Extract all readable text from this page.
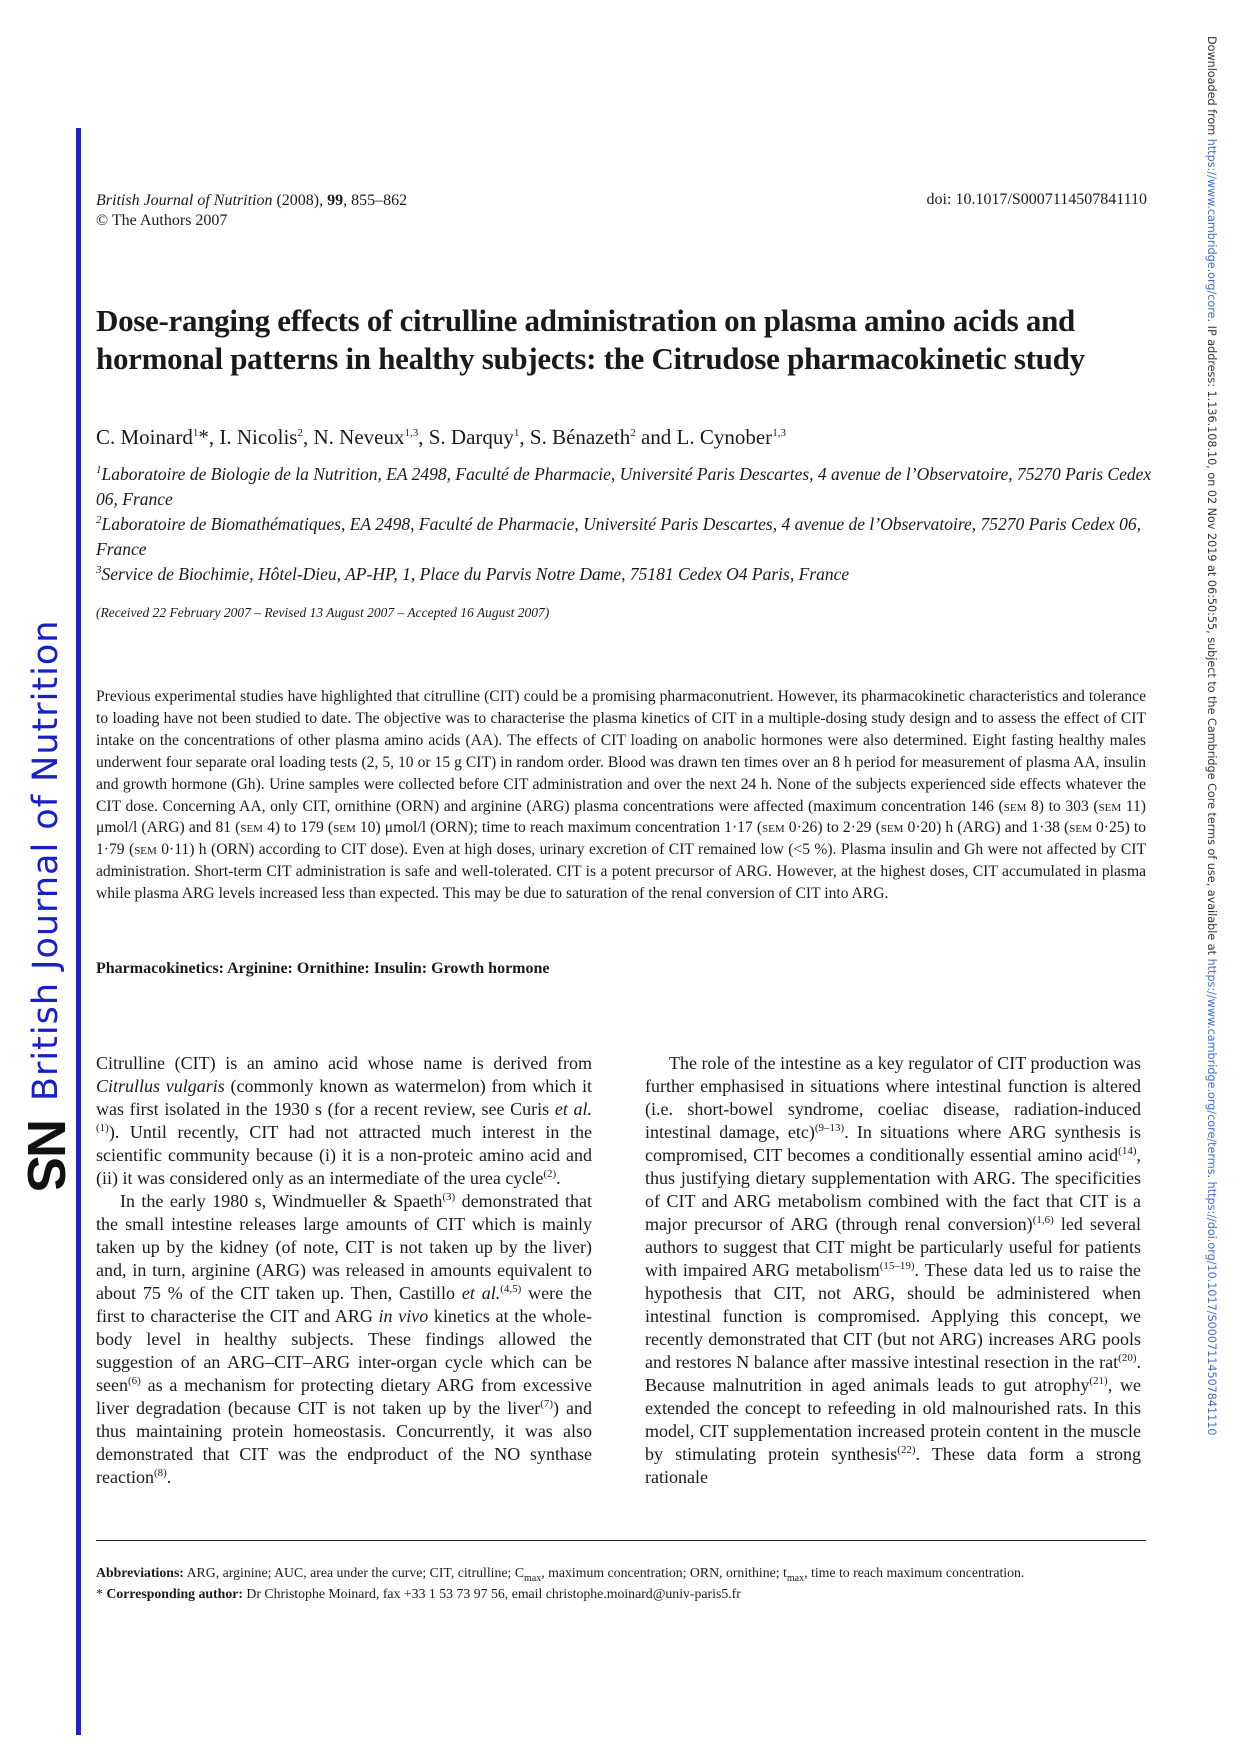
NS
British Journal of Nutrition
Downloaded from https://www.cambridge.org/core. IP address: 1.136.108.10, on 02 Nov 2019 at 06:50:55, subject to the Cambridge Core terms of use, available at https://www.cambridge.org/core/terms. https://doi.org/10.1017/S0007114507841110
British Journal of Nutrition (2008), 99, 855–862
© The Authors 2007
doi: 10.1017/S0007114507841110
Dose-ranging effects of citrulline administration on plasma amino acids and hormonal patterns in healthy subjects: the Citrudose pharmacokinetic study
C. Moinard$^1$*, I. Nicolis$^2$, N. Neveux$^{1,3}$, S. Darquy$^1$, S. Bénazeth$^2$ and L. Cynober$^{1,3}$

$^1$Laboratoire de Biologie de la Nutrition, EA 2498, Faculté de Pharmacie, Université Paris Descartes, 4 avenue de l’Observatoire, 75270 Paris Cedex 06, France

$^2$Laboratoire de Biomathématiques, EA 2498, Faculté de Pharmacie, Université Paris Descartes, 4 avenue de l’Observatoire, 75270 Paris Cedex 06, France

$^3$Service de Biochimie, Hôtel-Dieu, AP-HP, 1, Place du Parvis Notre Dame, 75181 Cedex O4 Paris, France

(Received 22 February 2007 – Revised 13 August 2007 – Accepted 16 August 2007)
Previous experimental studies have highlighted that citrulline (CIT) could be a promising pharmaconutrient. However, its pharmacokinetic characteristics and tolerance to loading have not been studied to date. The objective was to characterise the plasma kinetics of CIT in a multiple-dosing study design and to assess the effect of CIT intake on the concentrations of other plasma amino acids (AA). The effects of CIT loading on anabolic hormones were also determined. Eight fasting healthy males underwent four separate oral loading tests (2, 5, 10 or 15 g CIT) in random order. Blood was drawn ten times over an 8 h period for measurement of plasma AA, insulin and growth hormone (Gh). Urine samples were collected before CIT administration and over the next 24 h. None of the subjects experienced side effects whatever the CIT dose. Concerning AA, only CIT, ornithine (ORN) and arginine (ARG) plasma concentrations were affected (maximum concentration 146 (sem 8) to 303 (sem 11) μmol/l (ARG) and 81 (sem 4) to 179 (sem 10) μmol/l (ORN); time to reach maximum concentration 1·17 (sem 0·26) to 2·29 (sem 0·20) h (ARG) and 1·38 (sem 0·25) to 1·79 (sem 0·11) h (ORN) according to CIT dose). Even at high doses, urinary excretion of CIT remained low (<5 %). Plasma insulin and Gh were not affected by CIT administration. Short-term CIT administration is safe and well-tolerated. CIT is a potent precursor of ARG. However, at the highest doses, CIT accumulated in plasma while plasma ARG levels increased less than expected. This may be due to saturation of the renal conversion of CIT into ARG.
Pharmacokinetics: Arginine: Ornithine: Insulin: Growth hormone

Citrulline (CIT) is an amino acid whose name is derived from Citrullus vulgaris (commonly known as watermelon) from which it was first isolated in the 1930 s (for a recent review, see Curis et al.$^{(1)}$). Until recently, CIT had not attracted much interest in the scientific community because (i) it is a non-proteic amino acid and (ii) it was considered only as an intermediate of the urea cycle$^{(2)}$.

In the early 1980 s, Windmueller & Spaeth$^{(3)}$ demonstrated that the small intestine releases large amounts of CIT which is mainly taken up by the kidney (of note, CIT is not taken up by the liver) and, in turn, arginine (ARG) was released in amounts equivalent to about 75 % of the CIT taken up. Then, Castillo et al.$^{(4,5)}$ were the first to characterise the CIT and ARG in vivo kinetics at the whole-body level in healthy subjects. These findings allowed the suggestion of an ARG–CIT–ARG inter-organ cycle which can be seen$^{(6)}$ as a mechanism for protecting dietary ARG from excessive liver degradation (because CIT is not taken up by the liver$^{(7)}$) and thus maintaining protein homeostasis. Concurrently, it was also demonstrated that CIT was the endproduct of the NO synthase reaction$^{(8)}$.

The role of the intestine as a key regulator of CIT production was further emphasised in situations where intestinal function is altered (i.e. short-bowel syndrome, coeliac disease, radiation-induced intestinal damage, etc)$^{(9-13)}$. In situations where ARG synthesis is compromised, CIT becomes a conditionally essential amino acid$^{(14)}$, thus justifying dietary supplementation with ARG. The specificities of CIT and ARG metabolism combined with the fact that CIT is a major precursor of ARG (through renal conversion)$^{(1,6)}$ led several authors to suggest that CIT might be particularly useful for patients with impaired ARG metabolism$^{(15-19)}$. These data led us to raise the hypothesis that CIT, not ARG, should be administered when intestinal function is compromised. Applying this concept, we recently demonstrated that CIT (but not ARG) increases ARG pools and restores N balance after massive intestinal resection in the rat$^{(20)}$. Because malnutrition in aged animals leads to gut atrophy$^{(21)}$, we extended the concept to refeeding in old malnourished rats. In this model, CIT supplementation increased protein content in the muscle by stimulating protein synthesis$^{(22)}$. These data form a strong rationale

Abbreviations: ARG, arginine; AUC, area under the curve; CIT, citrulline; $C_{max}$, maximum concentration; ORN, ornithine; $t_{max}$, time to reach maximum concentration.

* Corresponding author: Dr Christophe Moinard, fax +33 1 53 73 97 56, email christophe.moinard@univ-paris5.fr
